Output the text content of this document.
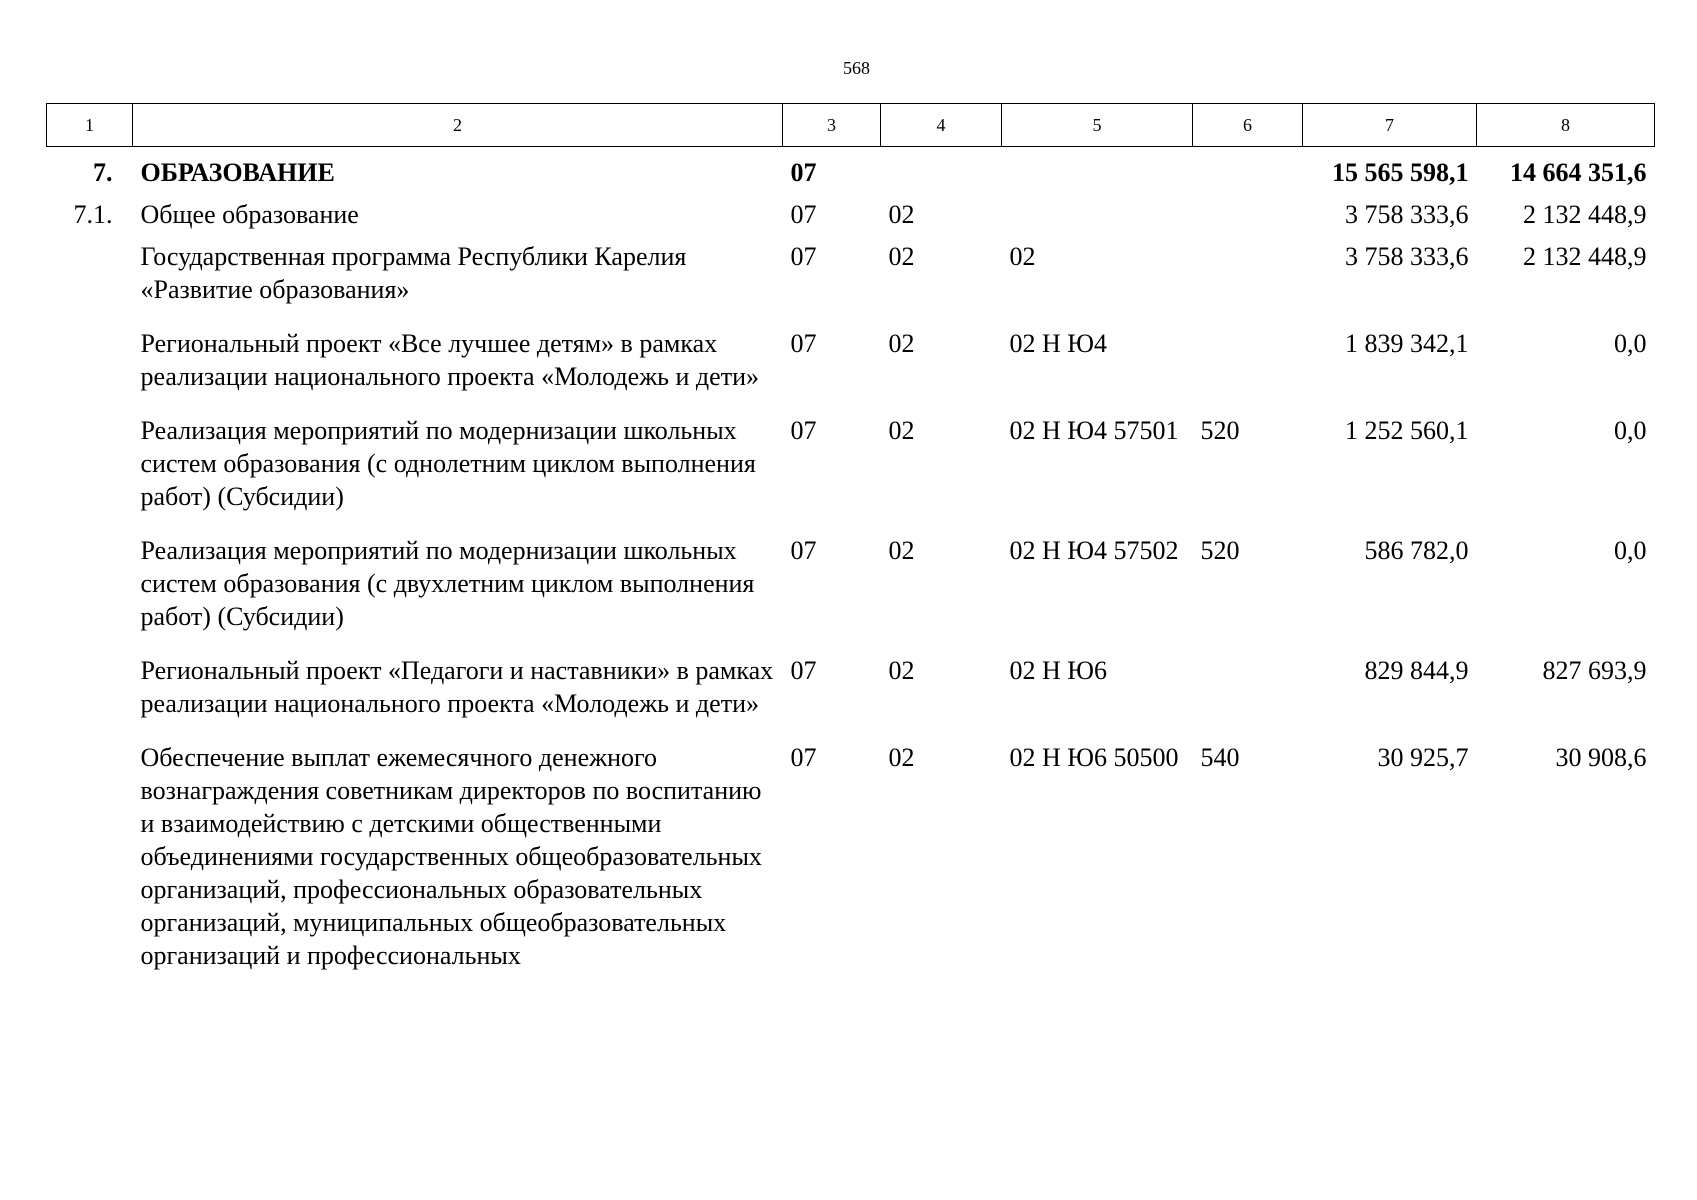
568
1	2	3	4	5	6	7	8
7.	ОБРАЗОВАНИЕ	07				15 565 598,1	14 664 351,6
7.1.	Общее образование	07	02			3 758 333,6	2 132 448,9
	Государственная программа Республики Карелия «Развитие образования»	07	02	02		3 758 333,6	2 132 448,9
	Региональный проект «Все лучшее детям» в рамках реализации национального проекта «Молодежь и дети»	07	02	02 Н Ю4		1 839 342,1	0,0
	Реализация мероприятий по модернизации школьных систем образования (с однолетним циклом выполнения работ) (Субсидии)	07	02	02 Н Ю4 57501	520	1 252 560,1	0,0
	Реализация мероприятий по модернизации школьных систем образования (с двухлетним циклом выполнения работ) (Субсидии)	07	02	02 Н Ю4 57502	520	586 782,0	0,0
	Региональный проект «Педагоги и наставники» в рамках реализации национального проекта «Молодежь и дети»	07	02	02 Н Ю6		829 844,9	827 693,9
	Обеспечение выплат ежемесячного денежного вознаграждения советникам директоров по воспитанию и взаимодействию с детскими общественными объединениями государственных общеобразовательных организаций, профессиональных образовательных организаций, муниципальных общеобразовательных организаций и профессиональных	07	02	02 Н Ю6 50500	540	30 925,7	30 908,6
